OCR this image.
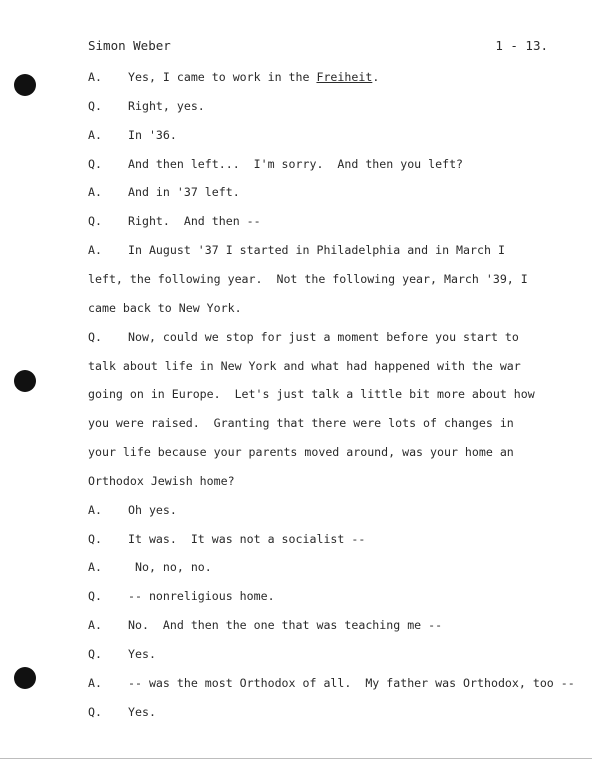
Simon Weber	1 - 13.
A. Yes, I came to work in the Freiheit.
Q. Right, yes.
A. In '36.
Q. And then left...  I'm sorry.  And then you left?
A. And in '37 left.
Q. Right.  And then --
A. In August '37 I started in Philadelphia and in March I
left, the following year.  Not the following year, March '39, I
came back to New York.
Q. Now, could we stop for just a moment before you start to
talk about life in New York and what had happened with the war
going on in Europe.  Let's just talk a little bit more about how
you were raised.  Granting that there were lots of changes in
your life because your parents moved around, was your home an
Orthodox Jewish home?
A. Oh yes.
Q. It was.  It was not a socialist --
A. No, no, no.
Q. -- nonreligious home.
A. No.  And then the one that was teaching me --
Q. Yes.
A. -- was the most Orthodox of all.  My father was Orthodox, too --
Q. Yes.
